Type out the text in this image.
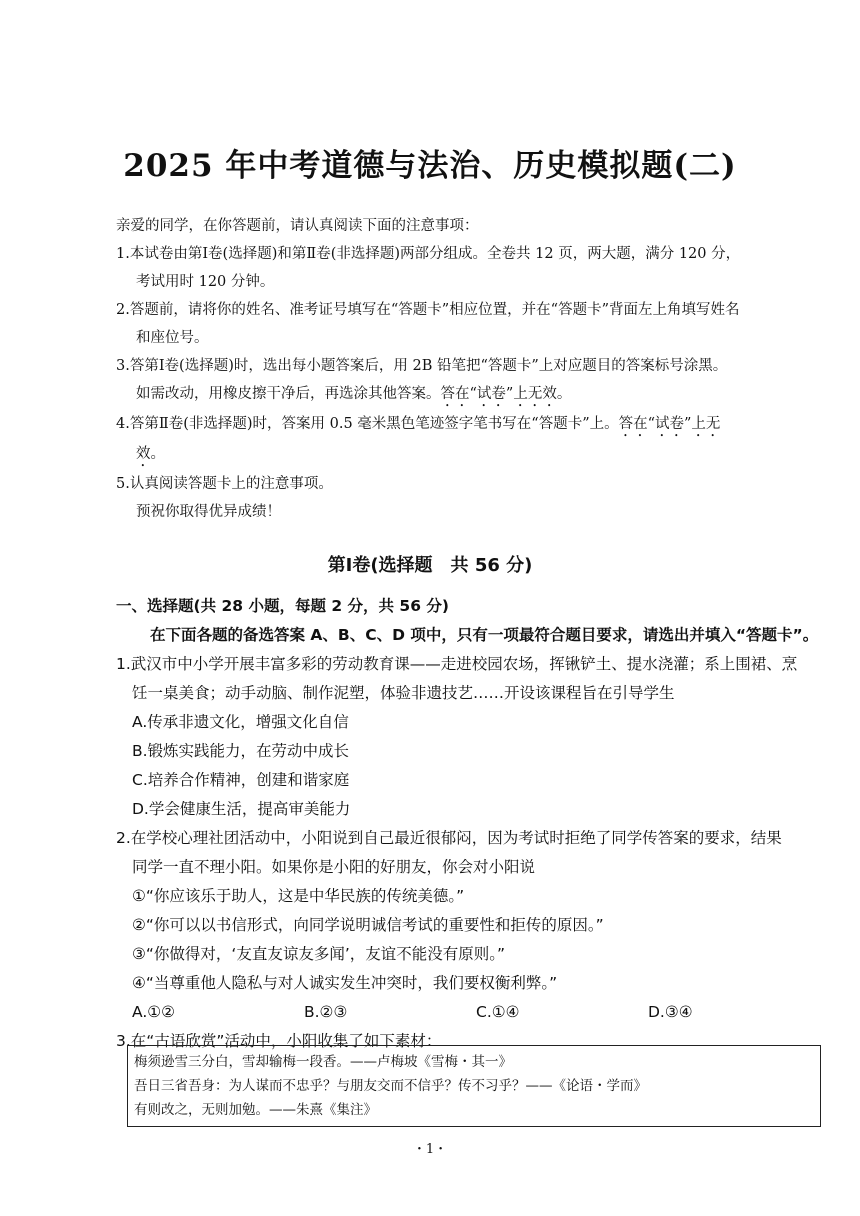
2025 年中考道德与法治、历史模拟题(二)

亲爱的同学，在你答题前，请认真阅读下面的注意事项：

1.本试卷由第Ⅰ卷(选择题)和第Ⅱ卷(非选择题)两部分组成。全卷共 12 页，两大题，满分 120 分，

考试用时 120 分钟。

2.答题前，请将你的姓名、准考证号填写在“答题卡”相应位置，并在“答题卡”背面左上角填写姓名

和座位号。

3.答第Ⅰ卷(选择题)时，选出每小题答案后，用 2B 铅笔把“答题卡”上对应题目的答案标号涂黑。

如需改动，用橡皮擦干净后，再选涂其他答案。答在“试卷”上无效。

4.答第Ⅱ卷(非选择题)时，答案用 0.5 毫米黑色笔迹签字笔书写在“答题卡”上。答在“试卷”上无

效。

5.认真阅读答题卡上的注意事项。

预祝你取得优异成绩！

第Ⅰ卷(选择题　共 56 分)

一、选择题(共 28 小题，每题 2 分，共 56 分)

在下面各题的备选答案 A、B、C、D 项中，只有一项最符合题目要求，请选出并填入“答题卡”。

1.武汉市中小学开展丰富多彩的劳动教育课——走进校园农场，挥锹铲土、提水浇灌；系上围裙、烹

饪一桌美食；动手动脑、制作泥塑，体验非遗技艺……开设该课程旨在引导学生

A.传承非遗文化，增强文化自信

B.锻炼实践能力，在劳动中成长

C.培养合作精神，创建和谐家庭

D.学会健康生活，提高审美能力

2.在学校心理社团活动中，小阳说到自己最近很郁闷，因为考试时拒绝了同学传答案的要求，结果

同学一直不理小阳。如果你是小阳的好朋友，你会对小阳说

①“你应该乐于助人，这是中华民族的传统美德。”

②“你可以以书信形式，向同学说明诚信考试的重要性和拒传的原因。”

③“你做得对，‘友直友谅友多闻’，友谊不能没有原则。”

④“当尊重他人隐私与对人诚实发生冲突时，我们要权衡利弊。”

A.①②	B.②③	C.①④	D.③④

3.在“古语欣赏”活动中，小阳收集了如下素材：

梅须逊雪三分白，雪却输梅一段香。——卢梅坡《雪梅・其一》

吾日三省吾身：为人谋而不忠乎？与朋友交而不信乎？传不习乎？——《论语・学而》

有则改之，无则加勉。——朱熹《集注》

・1・
